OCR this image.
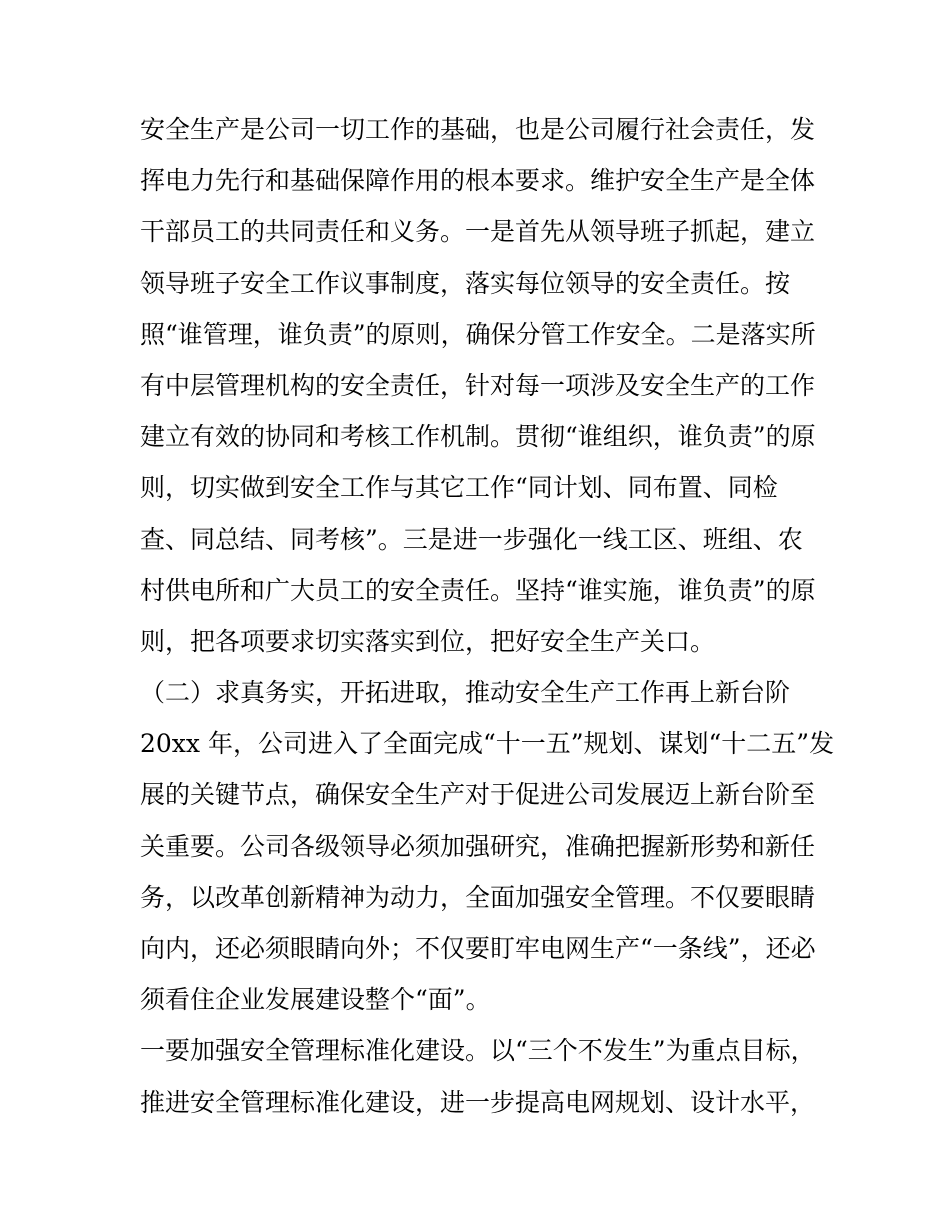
安全生产是公司一切工作的基础，也是公司履行社会责任，发
挥电力先行和基础保障作用的根本要求。维护安全生产是全体
干部员工的共同责任和义务。一是首先从领导班子抓起，建立
领导班子安全工作议事制度，落实每位领导的安全责任。按
照“谁管理，谁负责”的原则，确保分管工作安全。二是落实所
有中层管理机构的安全责任，针对每一项涉及安全生产的工作
建立有效的协同和考核工作机制。贯彻“谁组织，谁负责”的原
则，切实做到安全工作与其它工作“同计划、同布置、同检
查、同总结、同考核”。三是进一步强化一线工区、班组、农
村供电所和广大员工的安全责任。坚持“谁实施，谁负责”的原
则，把各项要求切实落实到位，把好安全生产关口。
（二）求真务实，开拓进取，推动安全生产工作再上新台阶
20xx 年，公司进入了全面完成“十一五”规划、谋划“十二五”发
展的关键节点，确保安全生产对于促进公司发展迈上新台阶至
关重要。公司各级领导必须加强研究，准确把握新形势和新任
务，以改革创新精神为动力，全面加强安全管理。不仅要眼睛
向内，还必须眼睛向外；不仅要盯牢电网生产“一条线”，还必
须看住企业发展建设整个“面”。
一要加强安全管理标准化建设。以“三个不发生”为重点目标，
推进安全管理标准化建设，进一步提高电网规划、设计水平，
